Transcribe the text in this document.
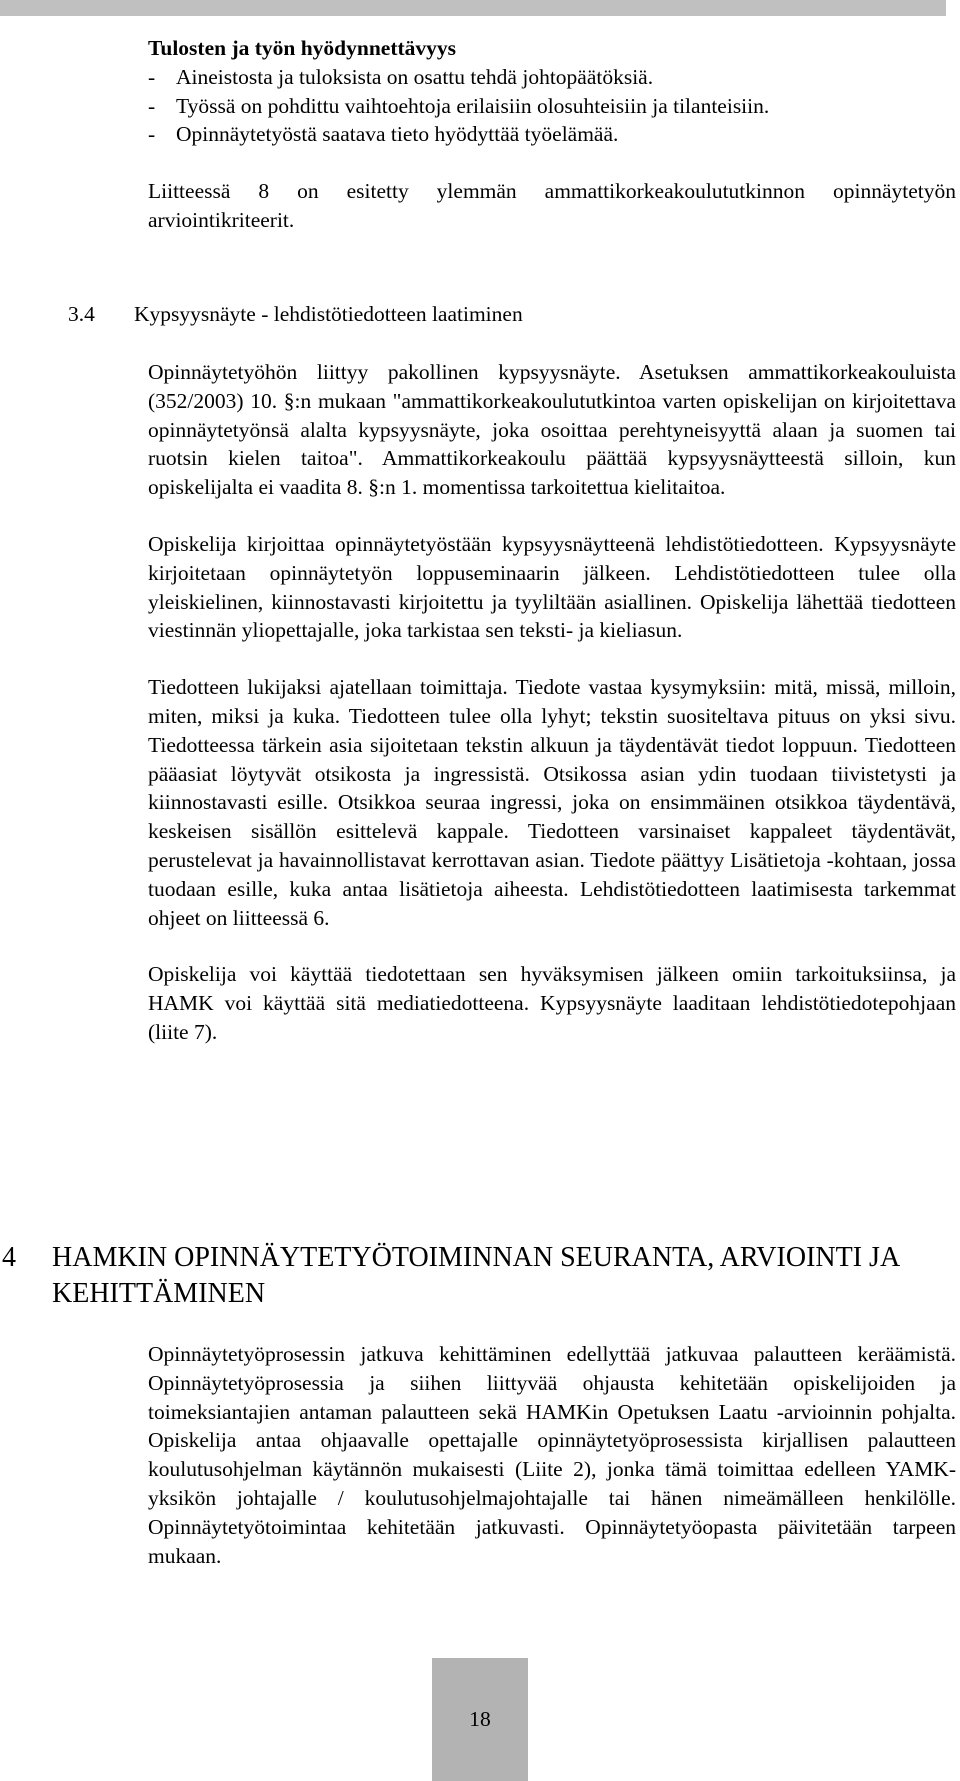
Tulosten ja työn hyödynnettävyys
- Aineistosta ja tuloksista on osattu tehdä johtopäätöksiä.
- Työssä on pohdittu vaihtoehtoja erilaisiin olosuhteisiin ja tilanteisiin.
- Opinnäytetyöstä saatava tieto hyödyttää työelämää.

Liitteessä 8 on esitetty ylemmän ammattikorkeakoulututkinnon opinnäytetyön arviointikriteerit.

3.4 Kypsyysnäyte - lehdistötiedotteen laatiminen

Opinnäytetyöhön liittyy pakollinen kypsyysnäyte. Asetuksen ammattikorkeakouluista (352/2003) 10. §:n mukaan "ammattikorkeakoulututkintoa varten opiskelijan on kirjoitettava opinnäytetyönsä alalta kypsyysnäyte, joka osoittaa perehtyneisyyttä alaan ja suomen tai ruotsin kielen taitoa". Ammattikorkeakoulu päättää kypsyysnäytteestä silloin, kun opiskelijalta ei vaadita 8. §:n 1. momentissa tarkoitettua kielitaitoa.

Opiskelija kirjoittaa opinnäytetyöstään kypsyysnäytteenä lehdistötiedotteen. Kypsyysnäyte kirjoitetaan opinnäytetyön loppuseminaarin jälkeen. Lehdistötiedotteen tulee olla yleiskielinen, kiinnostavasti kirjoitettu ja tyyliltään asiallinen. Opiskelija lähettää tiedotteen viestinnän yliopettajalle, joka tarkistaa sen teksti- ja kieliasun.

Tiedotteen lukijaksi ajatellaan toimittaja. Tiedote vastaa kysymyksiin: mitä, missä, milloin, miten, miksi ja kuka. Tiedotteen tulee olla lyhyt; tekstin suositeltava pituus on yksi sivu. Tiedotteessa tärkein asia sijoitetaan tekstin alkuun ja täydentävät tiedot loppuun. Tiedotteen pääasiat löytyvät otsikosta ja ingressistä. Otsikossa asian ydin tuodaan tiivistetysti ja kiinnostavasti esille. Otsikkoa seuraa ingressi, joka on ensimmäinen otsikkoa täydentävä, keskeisen sisällön esittelevä kappale. Tiedotteen varsinaiset kappaleet täydentävät, perustelevat ja havainnollistavat kerrottavan asian. Tiedote päättyy Lisätietoja -kohtaan, jossa tuodaan esille, kuka antaa lisätietoja aiheesta. Lehdistötiedotteen laatimisesta tarkemmat ohjeet on liitteessä 6.

Opiskelija voi käyttää tiedotettaan sen hyväksymisen jälkeen omiin tarkoituksiinsa, ja HAMK voi käyttää sitä mediatiedotteena. Kypsyysnäyte laaditaan lehdistötiedotepohjaan (liite 7).

4 HAMKIN OPINNÄYTETYÖTOIMINNAN SEURANTA, ARVIOINTI JA KEHITTÄMINEN

Opinnäytetyöprosessin jatkuva kehittäminen edellyttää jatkuvaa palautteen keräämistä. Opinnäytetyöprosessia ja siihen liittyvää ohjausta kehitetään opiskelijoiden ja toimeksiantajien antaman palautteen sekä HAMKin Opetuksen Laatu -arvioinnin pohjalta. Opiskelija antaa ohjaavalle opettajalle opinnäytetyöprosessista kirjallisen palautteen koulutusohjelman käytännön mukaisesti (Liite 2), jonka tämä toimittaa edelleen YAMK-yksikön johtajalle / koulutusohjelmajohtajalle tai hänen nimeämälleen henkilölle. Opinnäytetyötoimintaa kehitetään jatkuvasti. Opinnäytetyöopasta päivitetään tarpeen mukaan.

18
